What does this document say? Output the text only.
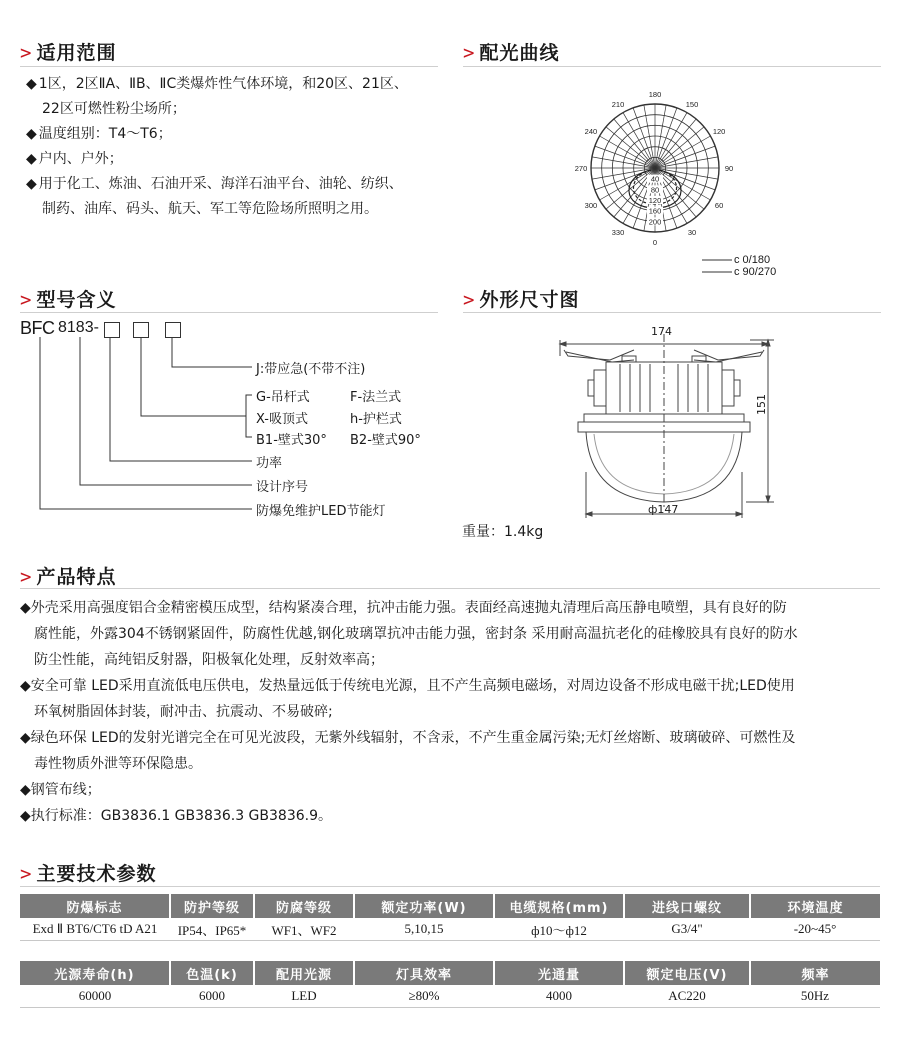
> 适用范围	> 配光曲线
> 型号含义	> 外形尺寸图
> 产品特点
> 主要技术参数
◆ 1区，2区ⅡA、ⅡB、ⅡC类爆炸性气体环境，和20区、21区、
22区可燃性粉尘场所；
◆ 温度组别：T4～T6；
◆ 户内、户外；
◆ 用于化工、炼油、石油开采、海洋石油平台、油轮、纺织、
制药、油库、码头、航天、军工等危险场所照明之用。
180
150
120
90
60
30
0
330
300
270
240
210
40
80
120
160
200
c 0/180
c 90/270
BFC 8183-
J:带应急(不带不注)
G-吊杆式	F-法兰式
X-吸顶式	h-护栏式
B1-壁式30° B2-壁式90°
功率
设计序号
防爆免维护LED节能灯
174
151
ф147
重量：1.4kg
◆外壳采用高强度铝合金精密模压成型，结构紧凑合理，抗冲击能力强。表面经高速抛丸清理后高压静电喷塑，具有良好的防
腐性能，外露304不锈钢紧固件，防腐性优越,钢化玻璃罩抗冲击能力强，密封条 采用耐高温抗老化的硅橡胶具有良好的防水
防尘性能，高纯铝反射器，阳极氧化处理，反射效率高；
◆安全可靠 LED采用直流低电压供电，发热量远低于传统电光源，且不产生高频电磁场，对周边设备不形成电磁干扰;LED使用
环氧树脂固体封装，耐冲击、抗震动、不易破碎;
◆绿色环保 LED的发射光谱完全在可见光波段，无紫外线辐射，不含汞，不产生重金属污染;无灯丝熔断、玻璃破碎、可燃性及
毒性物质外泄等环保隐患。
◆钢管布线；
◆执行标准：GB3836.1 GB3836.3 GB3836.9。
防爆标志	防护等级	防腐等级	额定功率(W)	电缆规格(mm)	进线口螺纹	环境温度
Exd Ⅱ BT6/CT6 tD A21	IP54、IP65*	WF1、WF2	5,10,15	ф10～ф12	G3/4"	-20~45°
光源寿命(h)	色温(k)	配用光源	灯具效率	光通量	额定电压(V)	频率
60000	6000	LED	≥80%	4000	AC220	50Hz
